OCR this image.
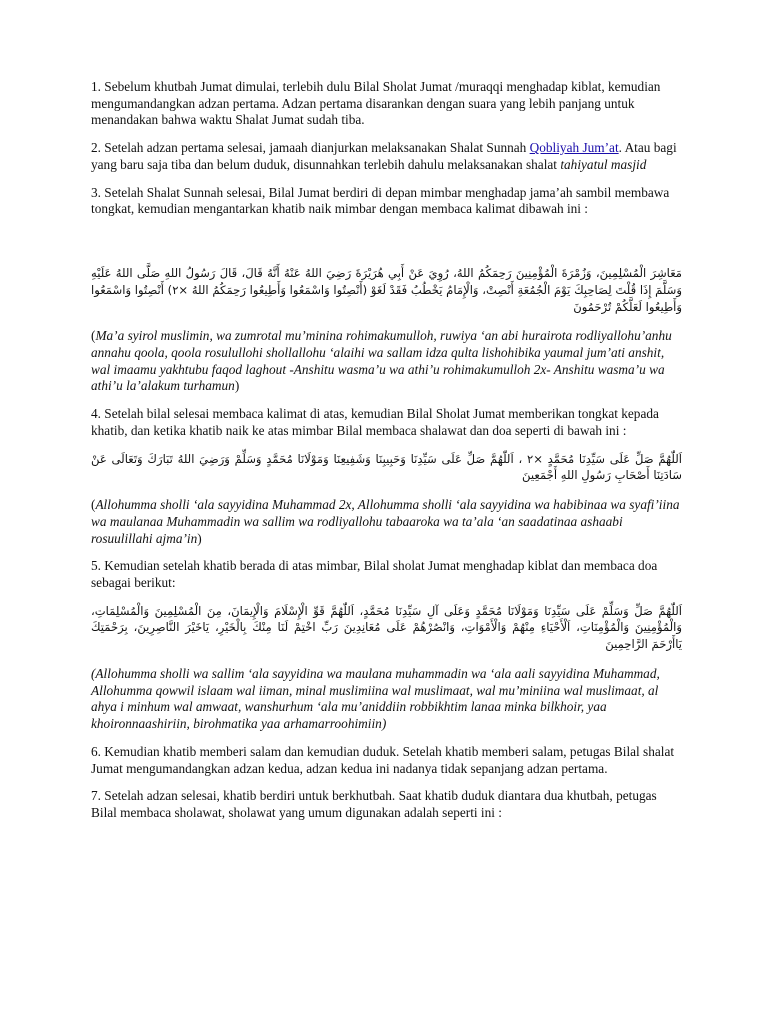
1. Sebelum khutbah Jumat dimulai, terlebih dulu Bilal Sholat Jumat /muraqqi menghadap kiblat, kemudian mengumandangkan adzan pertama. Adzan pertama disarankan dengan suara yang lebih panjang untuk menandakan bahwa waktu Shalat Jumat sudah tiba.

2. Setelah adzan pertama selesai, jamaah dianjurkan melaksanakan Shalat Sunnah Qobliyah Jum’at. Atau bagi yang baru saja tiba dan belum duduk, disunnahkan terlebih dahulu melaksanakan shalat tahiyatul masjid

3. Setelah Shalat Sunnah selesai, Bilal Jumat berdiri di depan mimbar menghadap jama’ah sambil membawa tongkat, kemudian mengantarkan khatib naik mimbar dengan membaca kalimat dibawah ini :

مَعَاشِرَ الْمُسْلِمِينَ، وَزُمْرَةَ الْمُؤْمِنِينَ رَحِمَكُمُ اللهُ، رُوِيَ عَنْ أَبِي هُرَيْرَةَ رَضِيَ اللهُ عَنْهُ أَنَّهُ قَالَ، قَالَ رَسُولُ اللهِ صَلَّى اللهُ عَلَيْهِ وَسَلَّمَ إِذَا قُلْتَ لِصَاحِبِكَ يَوْمَ الْجُمُعَةِ أَنْصِتْ، وَالْإِمَامُ يَخْطُبُ فَقَدْ لَغَوْ (أَنْصِتُوا وَاسْمَعُوا وَأَطِيعُوا رَحِمَكُمُ اللهُ ×٢) أَنْصِتُوا وَاسْمَعُوا وَأَطِيعُوا لَعَلَّكُمْ تُرْحَمُونَ

(Ma’a syirol muslimin, wa zumrotal mu’minina rohimakumulloh, ruwiya ‘an abi hurairota rodliyallohu’anhu annahu qoola, qoola rosulullohi shollallohu ‘alaihi wa sallam idza qulta lishohibika yaumal jum’ati anshit, wal imaamu yakhtubu faqod laghout -Anshitu wasma’u wa athi’u rohimakumulloh 2x- Anshitu wasma’u wa athi’u la’alakum turhamun)

4. Setelah bilal selesai membaca kalimat di atas, kemudian Bilal Sholat Jumat memberikan tongkat kepada khatib, dan ketika khatib naik ke atas mimbar Bilal membaca shalawat dan doa seperti di bawah ini :

اَللّٰهُمَّ صَلِّ عَلَى سَيِّدِنَا مُحَمَّدٍ ×٢ ، اَللّٰهُمَّ صَلِّ عَلَى سَيِّدِنَا وَحَبِيبِنَا وَشَفِيعِنَا وَمَوْلَانَا مُحَمَّدٍ وَسَلِّمْ وَرَضِيَ اللهُ تَبَارَكَ وَتَعَالَى عَنْ سَادَتِنَا أَصْحَابِ رَسُولِ اللهِ أَجْمَعِينَ

(Allohumma sholli ‘ala sayyidina Muhammad 2x, Allohumma sholli ‘ala sayyidina wa habibinaa wa syafi’iina wa maulanaa Muhammadin wa sallim wa rodliyallohu tabaaroka wa ta’ala ‘an saadatinaa ashaabi rosuulillahi ajma’in)

5. Kemudian setelah khatib berada di atas mimbar, Bilal sholat Jumat menghadap kiblat dan membaca doa sebagai berikut:

اَللّٰهُمَّ صَلِّ وَسَلِّمْ عَلَى سَيِّدِنَا وَمَوْلَانَا مُحَمَّدٍ وَعَلَى آلِ سَيِّدِنَا مُحَمَّدٍ، اَللّٰهُمَّ قَوِّ الْإِسْلَامَ وَالْإِيمَانَ، مِنَ الْمُسْلِمِينَ وَالْمُسْلِمَاتِ، وَالْمُؤْمِنِينَ وَالْمُؤْمِنَاتِ، اَلْأَحْيَاءِ مِنْهُمْ وَالْأَمْوَاتِ، وَانْصُرْهُمْ عَلَى مُعَانِدِينَ رَبِّ اخْتِمْ لَنَا مِنْكَ بِالْخَيْرِ، يَاخَيْرَ النَّاصِرِينَ، بِرَحْمَتِكَ يَاأَرْحَمَ الرَّاحِمِينَ

(Allohumma sholli wa sallim ‘ala sayyidina wa maulana muhammadin wa ‘ala aali sayyidina Muhammad, Allohumma qowwil islaam wal iiman, minal muslimiina wal muslimaat, wal mu’miniina wal muslimaat, al ahya i minhum wal amwaat, wanshurhum ‘ala mu’aniddiin robbikhtim lanaa minka bilkhoir, yaa khoironnaashiriin, birohmatika yaa arhamarroohimiin)

6. Kemudian khatib memberi salam dan kemudian duduk. Setelah khatib memberi salam, petugas Bilal shalat Jumat mengumandangkan adzan kedua, adzan kedua ini nadanya tidak sepanjang adzan pertama.

7. Setelah adzan selesai, khatib berdiri untuk berkhutbah. Saat khatib duduk diantara dua khutbah, petugas Bilal membaca sholawat, sholawat yang umum digunakan adalah seperti ini :
